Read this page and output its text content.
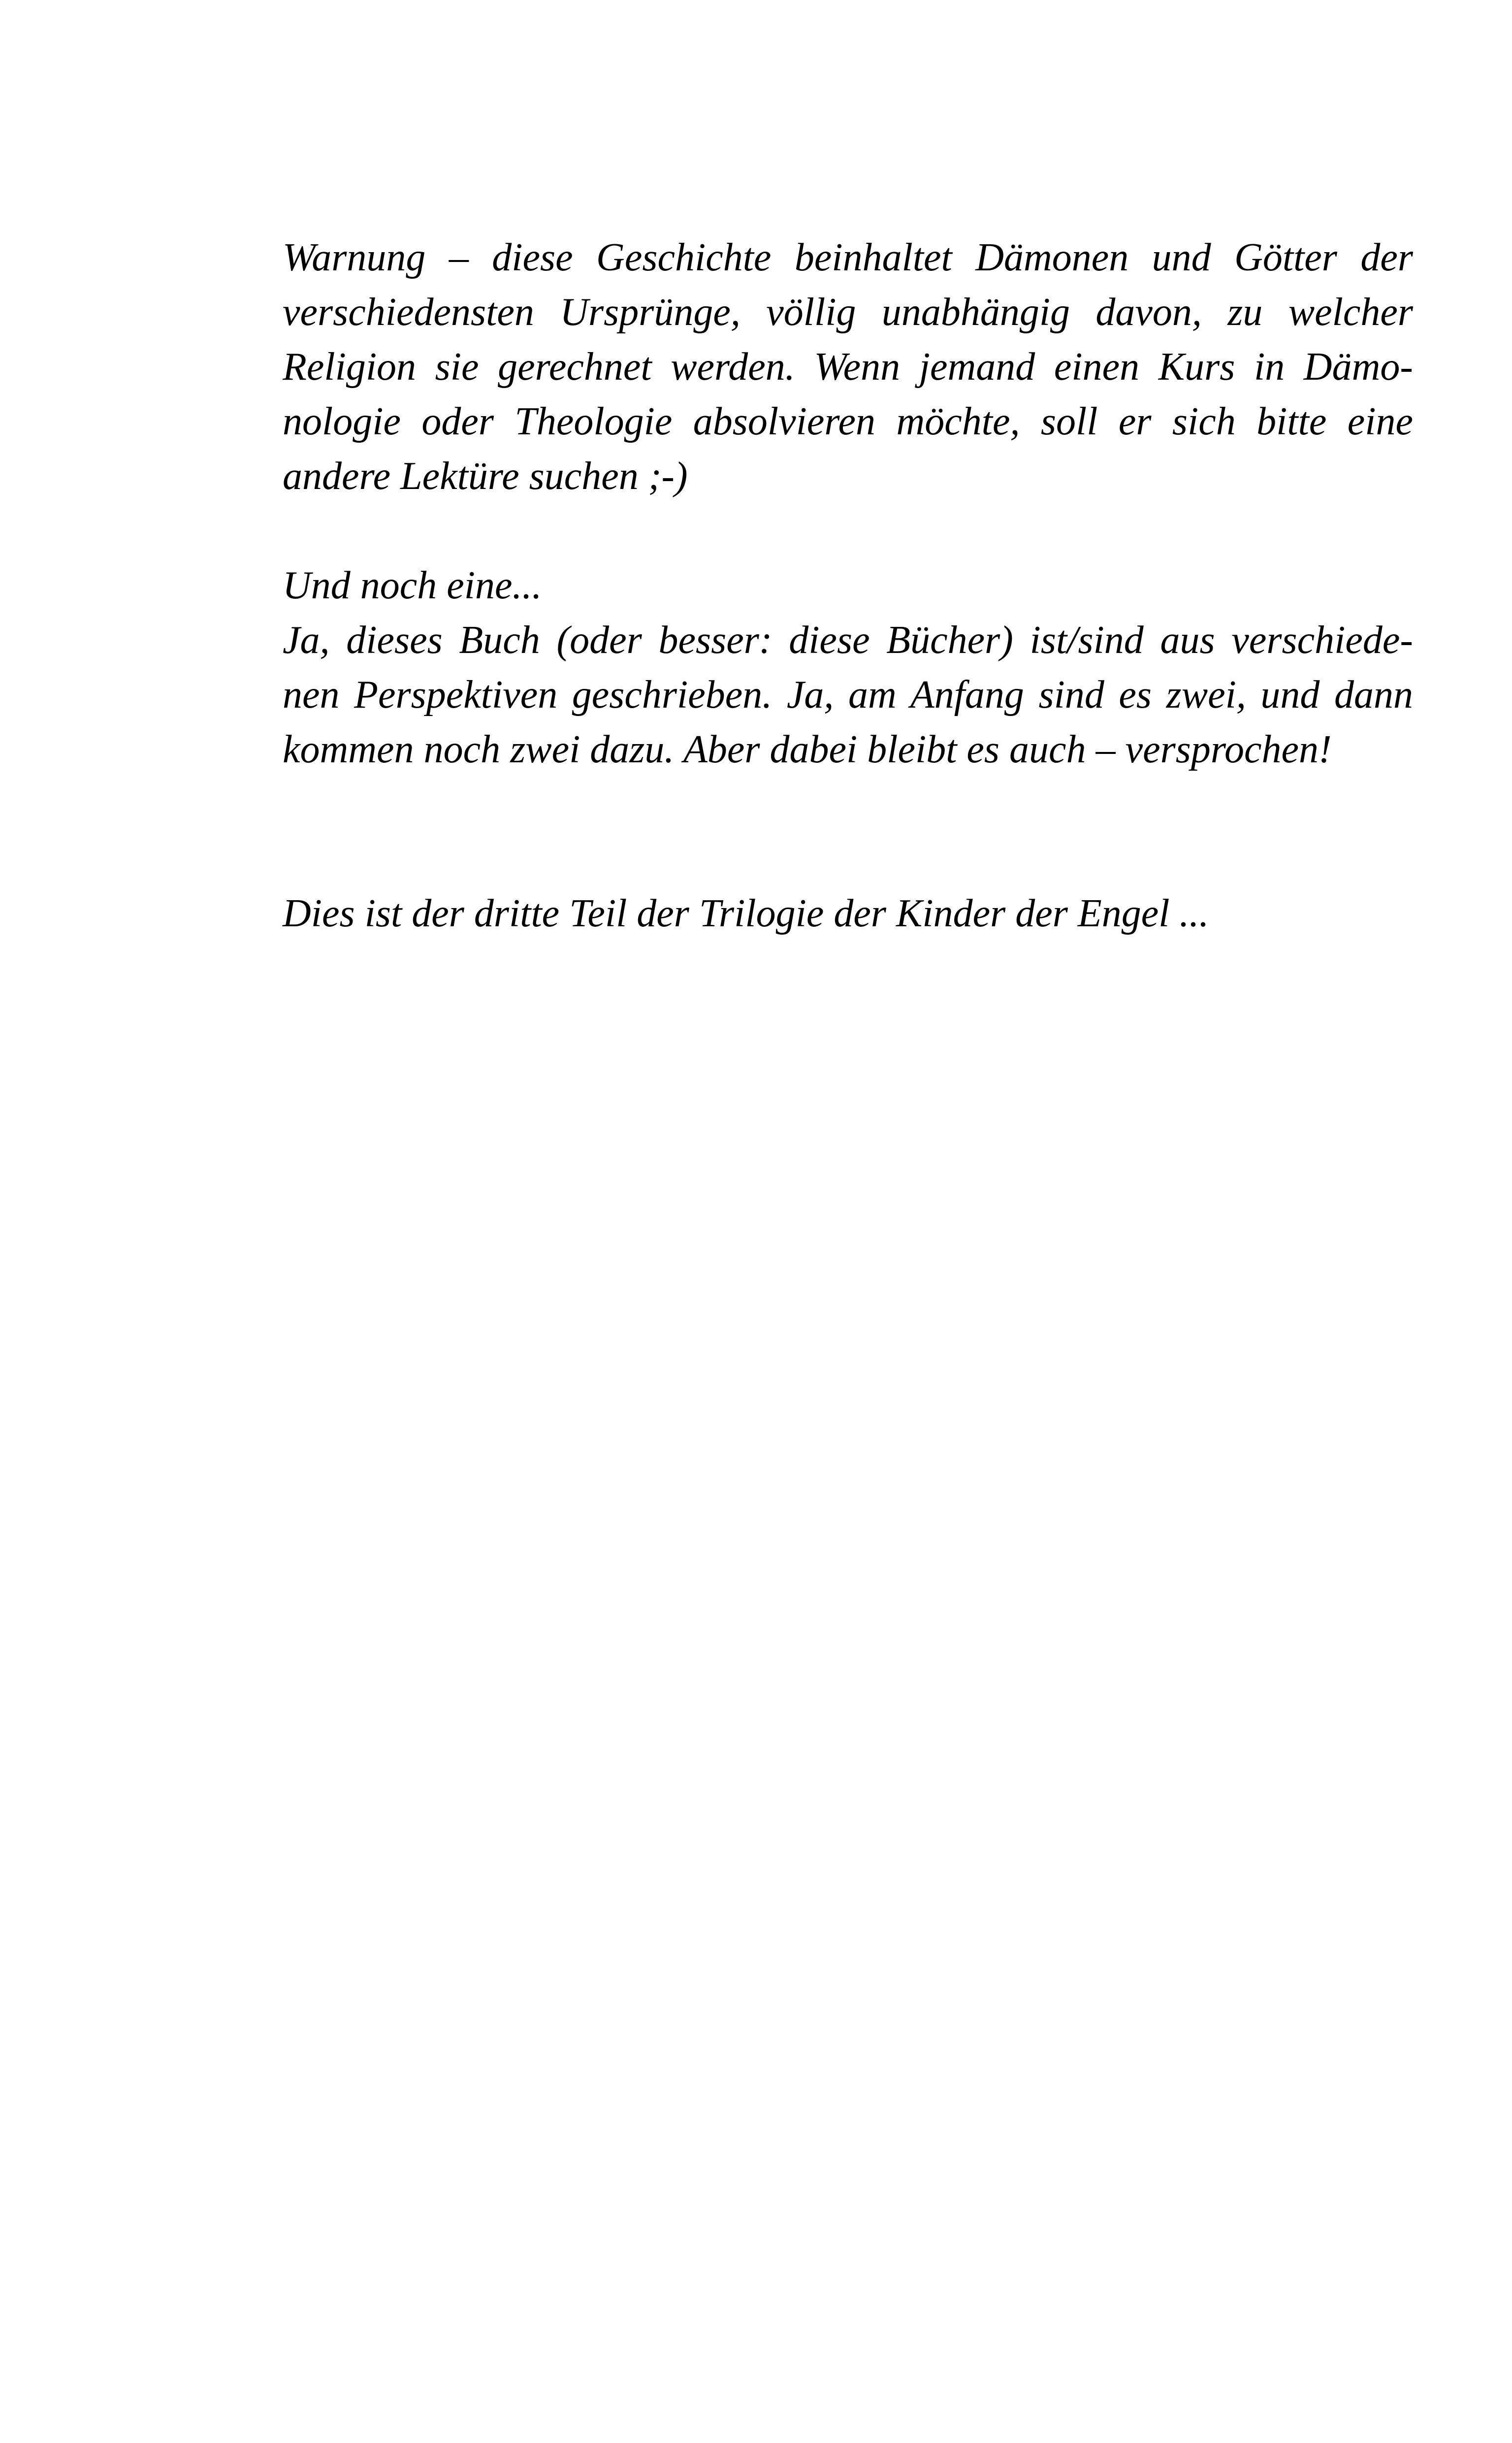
Warnung – diese Geschichte beinhaltet Dämonen und Götter der
verschiedensten Ursprünge, völlig unabhängig davon, zu welcher
Religion sie gerechnet werden. Wenn jemand einen Kurs in Dämo-
nologie oder Theologie absolvieren möchte, soll er sich bitte eine
andere Lektüre suchen ;-)
Und noch eine...
Ja, dieses Buch (oder besser: diese Bücher) ist/sind aus verschiede-
nen Perspektiven geschrieben. Ja, am Anfang sind es zwei, und dann
kommen noch zwei dazu. Aber dabei bleibt es auch – versprochen!
Dies ist der dritte Teil der Trilogie der Kinder der Engel ...
